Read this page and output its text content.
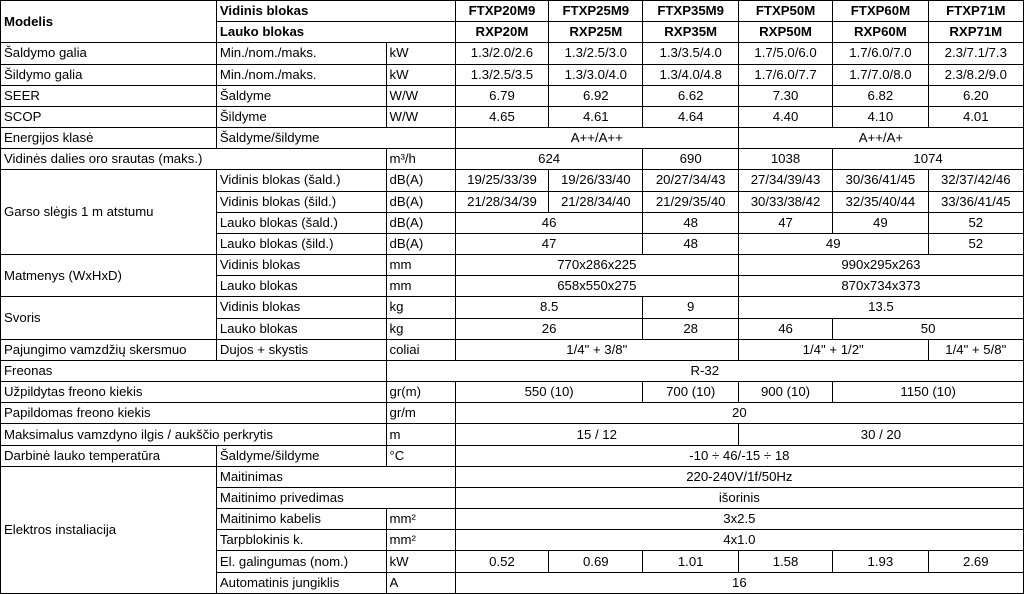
Modelis	Vidinis blokas		FTXP20M9	FTXP25M9	FTXP35M9	FTXP50M	FTXP60M	FTXP71M
	Lauko blokas		RXP20M	RXP25M	RXP35M	RXP50M	RXP60M	RXP71M
Šaldymo galia	Min./nom./maks.	kW	1.3/2.0/2.6	1.3/2.5/3.0	1.3/3.5/4.0	1.7/5.0/6.0	1.7/6.0/7.0	2.3/7.1/7.3
Šildymo galia	Min./nom./maks.	kW	1.3/2.5/3.5	1.3/3.0/4.0	1.3/4.0/4.8	1.7/6.0/7.7	1.7/7.0/8.0	2.3/8.2/9.0
SEER	Šaldyme	W/W	6.79	6.92	6.62	7.30	6.82	6.20
SCOP	Šildyme	W/W	4.65	4.61	4.64	4.40	4.10	4.01
Energijos klasė	Šaldyme/šildyme		A++/A++			A++/A+		
Vidinės dalies oro srautas (maks.)		m³/h	624		690	1038	1074	
Garso slėgis 1 m atstumu	Vidinis blokas (šald.)	dB(A)	19/25/33/39	19/26/33/40	20/27/34/43	27/34/39/43	30/36/41/45	32/37/42/46
	Vidinis blokas (šild.)	dB(A)	21/28/34/39	21/28/34/40	21/29/35/40	30/33/38/42	32/35/40/44	33/36/41/45
	Lauko blokas (šald.)	dB(A)	46		48	47	49	52
	Lauko blokas (šild.)	dB(A)	47		48	49		52
Matmenys (WxHxD)	Vidinis blokas	mm	770x286x225			990x295x263		
	Lauko blokas	mm	658x550x275			870x734x373		
Svoris	Vidinis blokas	kg	8.5		9	13.5		
	Lauko blokas	kg	26		28	46	50	
Pajungimo vamzdžių skersmuo	Dujos + skystis	coliai	1/4" + 3/8"			1/4" + 1/2"		1/4" + 5/8"
Freonas		R-32						
Užpildytas freono kiekis		gr(m)	550 (10)		700 (10)	900 (10)	1150 (10)	
Papildomas freono kiekis		gr/m	20					
Maksimalus vamzdyno ilgis / aukščio perkrytis		m	15 / 12			30 / 20		
Darbinė lauko temperatūra	Šaldyme/šildyme	°C	-10 ÷ 46/-15 ÷ 18					
Elektros instaliacija	Maitinimas		220-240V/1f/50Hz					
	Maitinimo privedimas		išorinis					
	Maitinimo kabelis	mm²	3x2.5					
	Tarpblokinis k.	mm²	4x1.0					
	El. galingumas (nom.)	kW	0.52	0.69	1.01	1.58	1.93	2.69
	Automatinis jungiklis	A	16					
